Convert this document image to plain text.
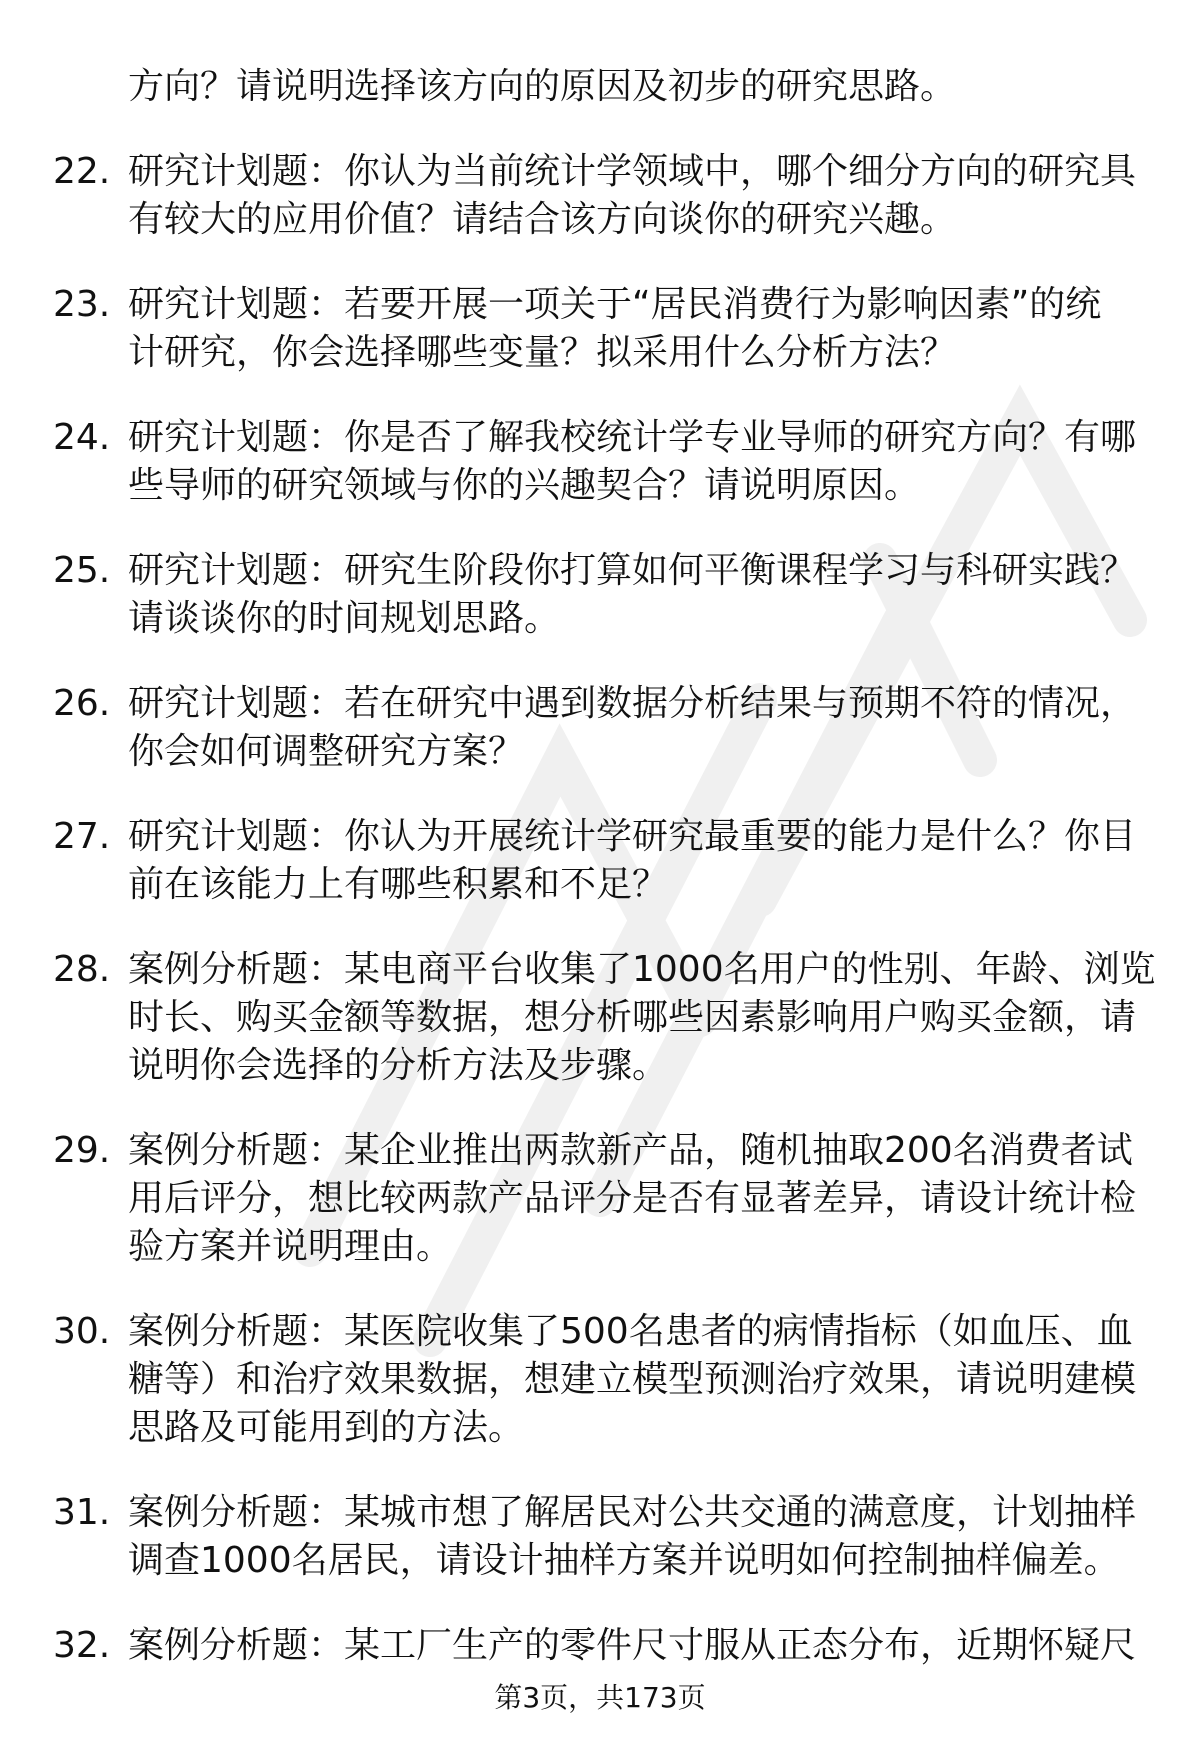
方向？请说明选择该方向的原因及初步的研究思路。
22. 研究计划题：你认为当前统计学领域中，哪个细分方向的研究具
有较大的应用价值？请结合该方向谈你的研究兴趣。
23. 研究计划题：若要开展一项关于“居民消费行为影响因素”的统
计研究，你会选择哪些变量？拟采用什么分析方法？
24. 研究计划题：你是否了解我校统计学专业导师的研究方向？有哪
些导师的研究领域与你的兴趣契合？请说明原因。
25. 研究计划题：研究生阶段你打算如何平衡课程学习与科研实践？
请谈谈你的时间规划思路。
26. 研究计划题：若在研究中遇到数据分析结果与预期不符的情况，
你会如何调整研究方案？
27. 研究计划题：你认为开展统计学研究最重要的能力是什么？你目
前在该能力上有哪些积累和不足？
28. 案例分析题：某电商平台收集了1000名用户的性别、年龄、浏览
时长、购买金额等数据，想分析哪些因素影响用户购买金额，请
说明你会选择的分析方法及步骤。
29. 案例分析题：某企业推出两款新产品，随机抽取200名消费者试
用后评分，想比较两款产品评分是否有显著差异，请设计统计检
验方案并说明理由。
30. 案例分析题：某医院收集了500名患者的病情指标（如血压、血
糖等）和治疗效果数据，想建立模型预测治疗效果，请说明建模
思路及可能用到的方法。
31. 案例分析题：某城市想了解居民对公共交通的满意度，计划抽样
调查1000名居民，请设计抽样方案并说明如何控制抽样偏差。
32. 案例分析题：某工厂生产的零件尺寸服从正态分布，近期怀疑尺
第3页，共173页
